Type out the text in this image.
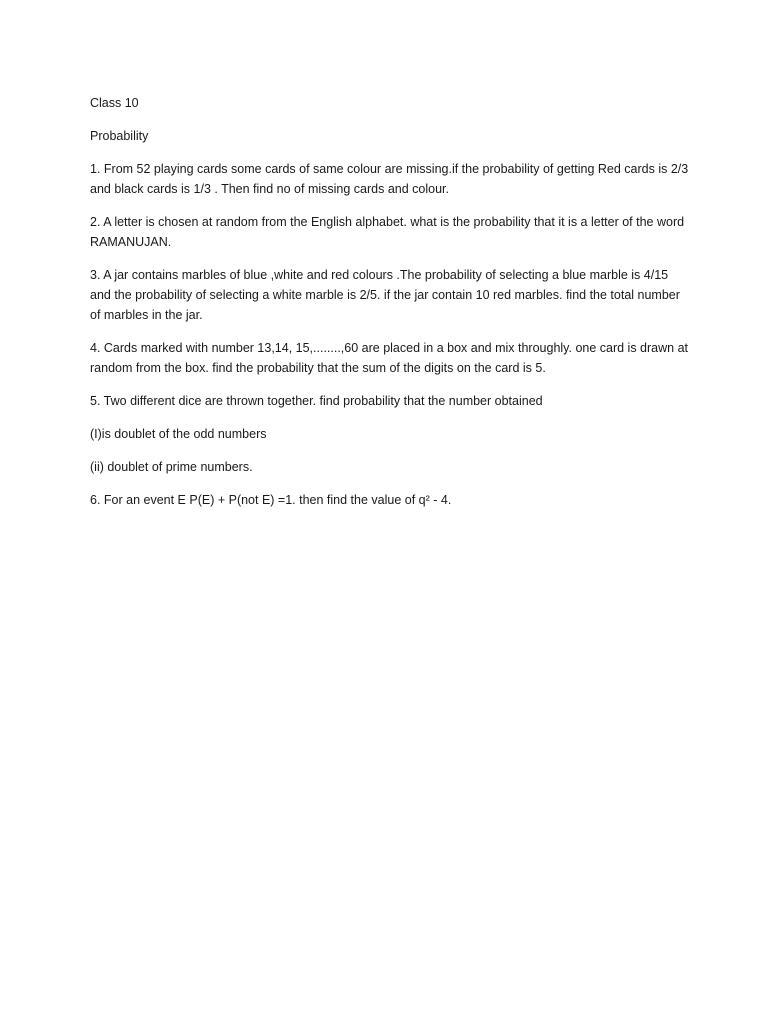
Class 10

Probability

1. From 52 playing cards some cards of same colour are missing.if the probability of getting Red cards is 2/3 and black cards is 1/3 . Then find no of missing cards and colour.

2. A letter is chosen at random from the English alphabet. what is the probability that it is a letter of the word RAMANUJAN.

3. A jar contains marbles of blue ,white and red colours .The probability of selecting a blue marble is 4/15 and the probability of selecting a white marble is 2/5. if the jar contain 10 red marbles. find the total number of marbles in the jar.

4. Cards marked with number 13,14, 15,........,60 are placed in a box and mix throughly. one card is drawn at random from the box. find the probability that the sum of the digits on the card is 5.

5. Two different dice are thrown together. find probability that the number obtained

(I)is doublet of the odd numbers

(ii) doublet of prime numbers.

6. For an event E P(E) + P(not E) =1. then find the value of q² - 4.
